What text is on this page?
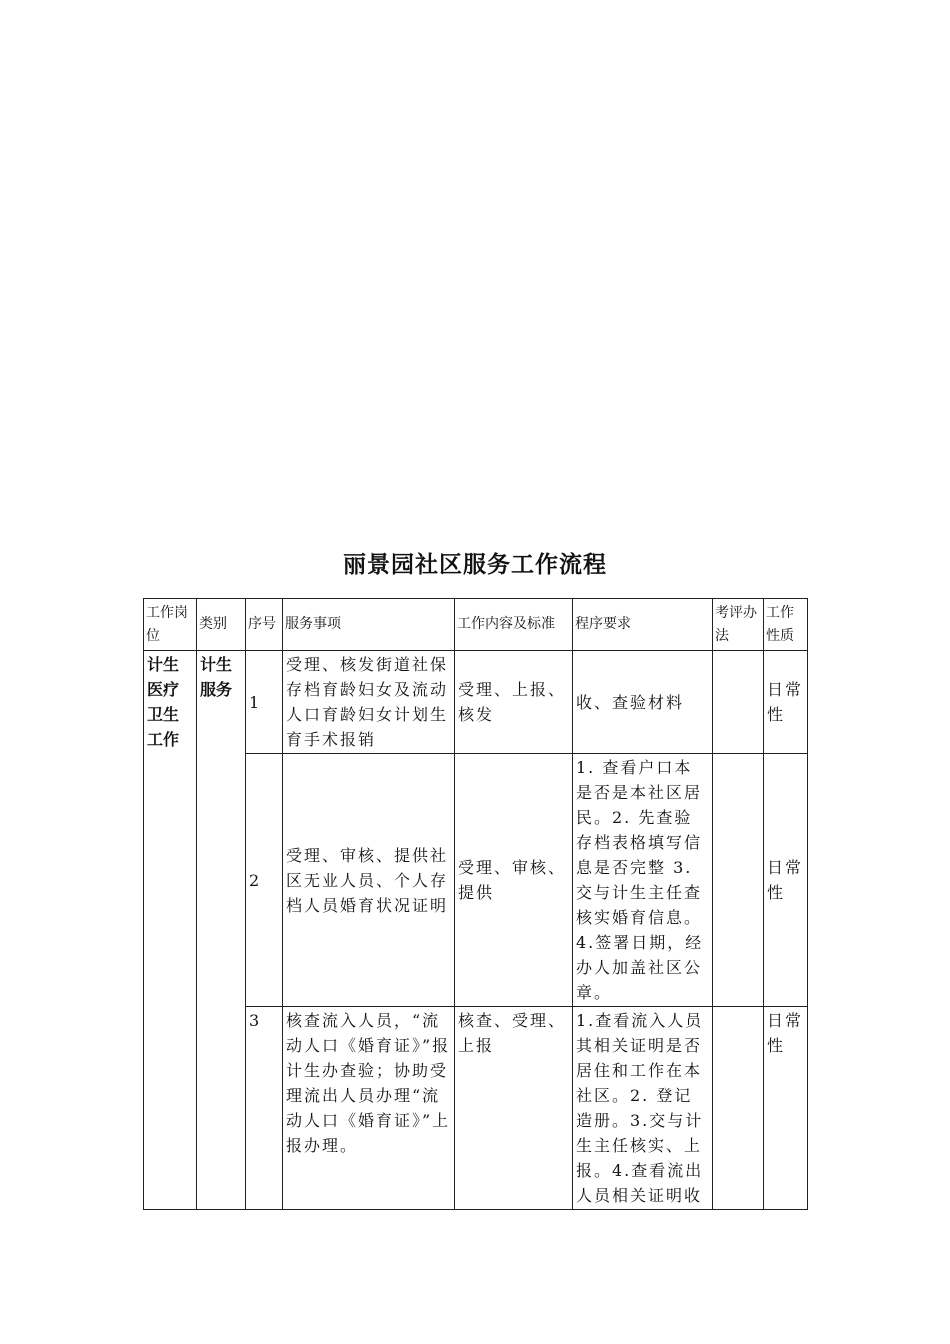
丽景园社区服务工作流程
工作岗位	类别	序号	服务事项	工作内容及标准	程序要求	考评办法	工作性质
计生医疗卫生工作	计生服务	1	受理、核发街道社保存档育龄妇女及流动人口育龄妇女计划生育手术报销	受理、上报、核发	收、查验材料		日常性
		2	受理、审核、提供社区无业人员、个人存档人员婚育状况证明	受理、审核、提供	1. 查看户口本是否是本社区居民。2. 先查验存档表格填写信息是否完整 3.交与计生主任查核实婚育信息。4.签署日期，经办人加盖社区公章。		日常性
		3	核查流入人员，“流动人口《婚育证》”报计生办查验；协助受理流出人员办理“流动人口《婚育证》”上报办理。	核查、受理、上报	1.查看流入人员其相关证明是否居住和工作在本社区。2. 登记造册。3.交与计生主任核实、上报。4.查看流出人员相关证明收		日常性
